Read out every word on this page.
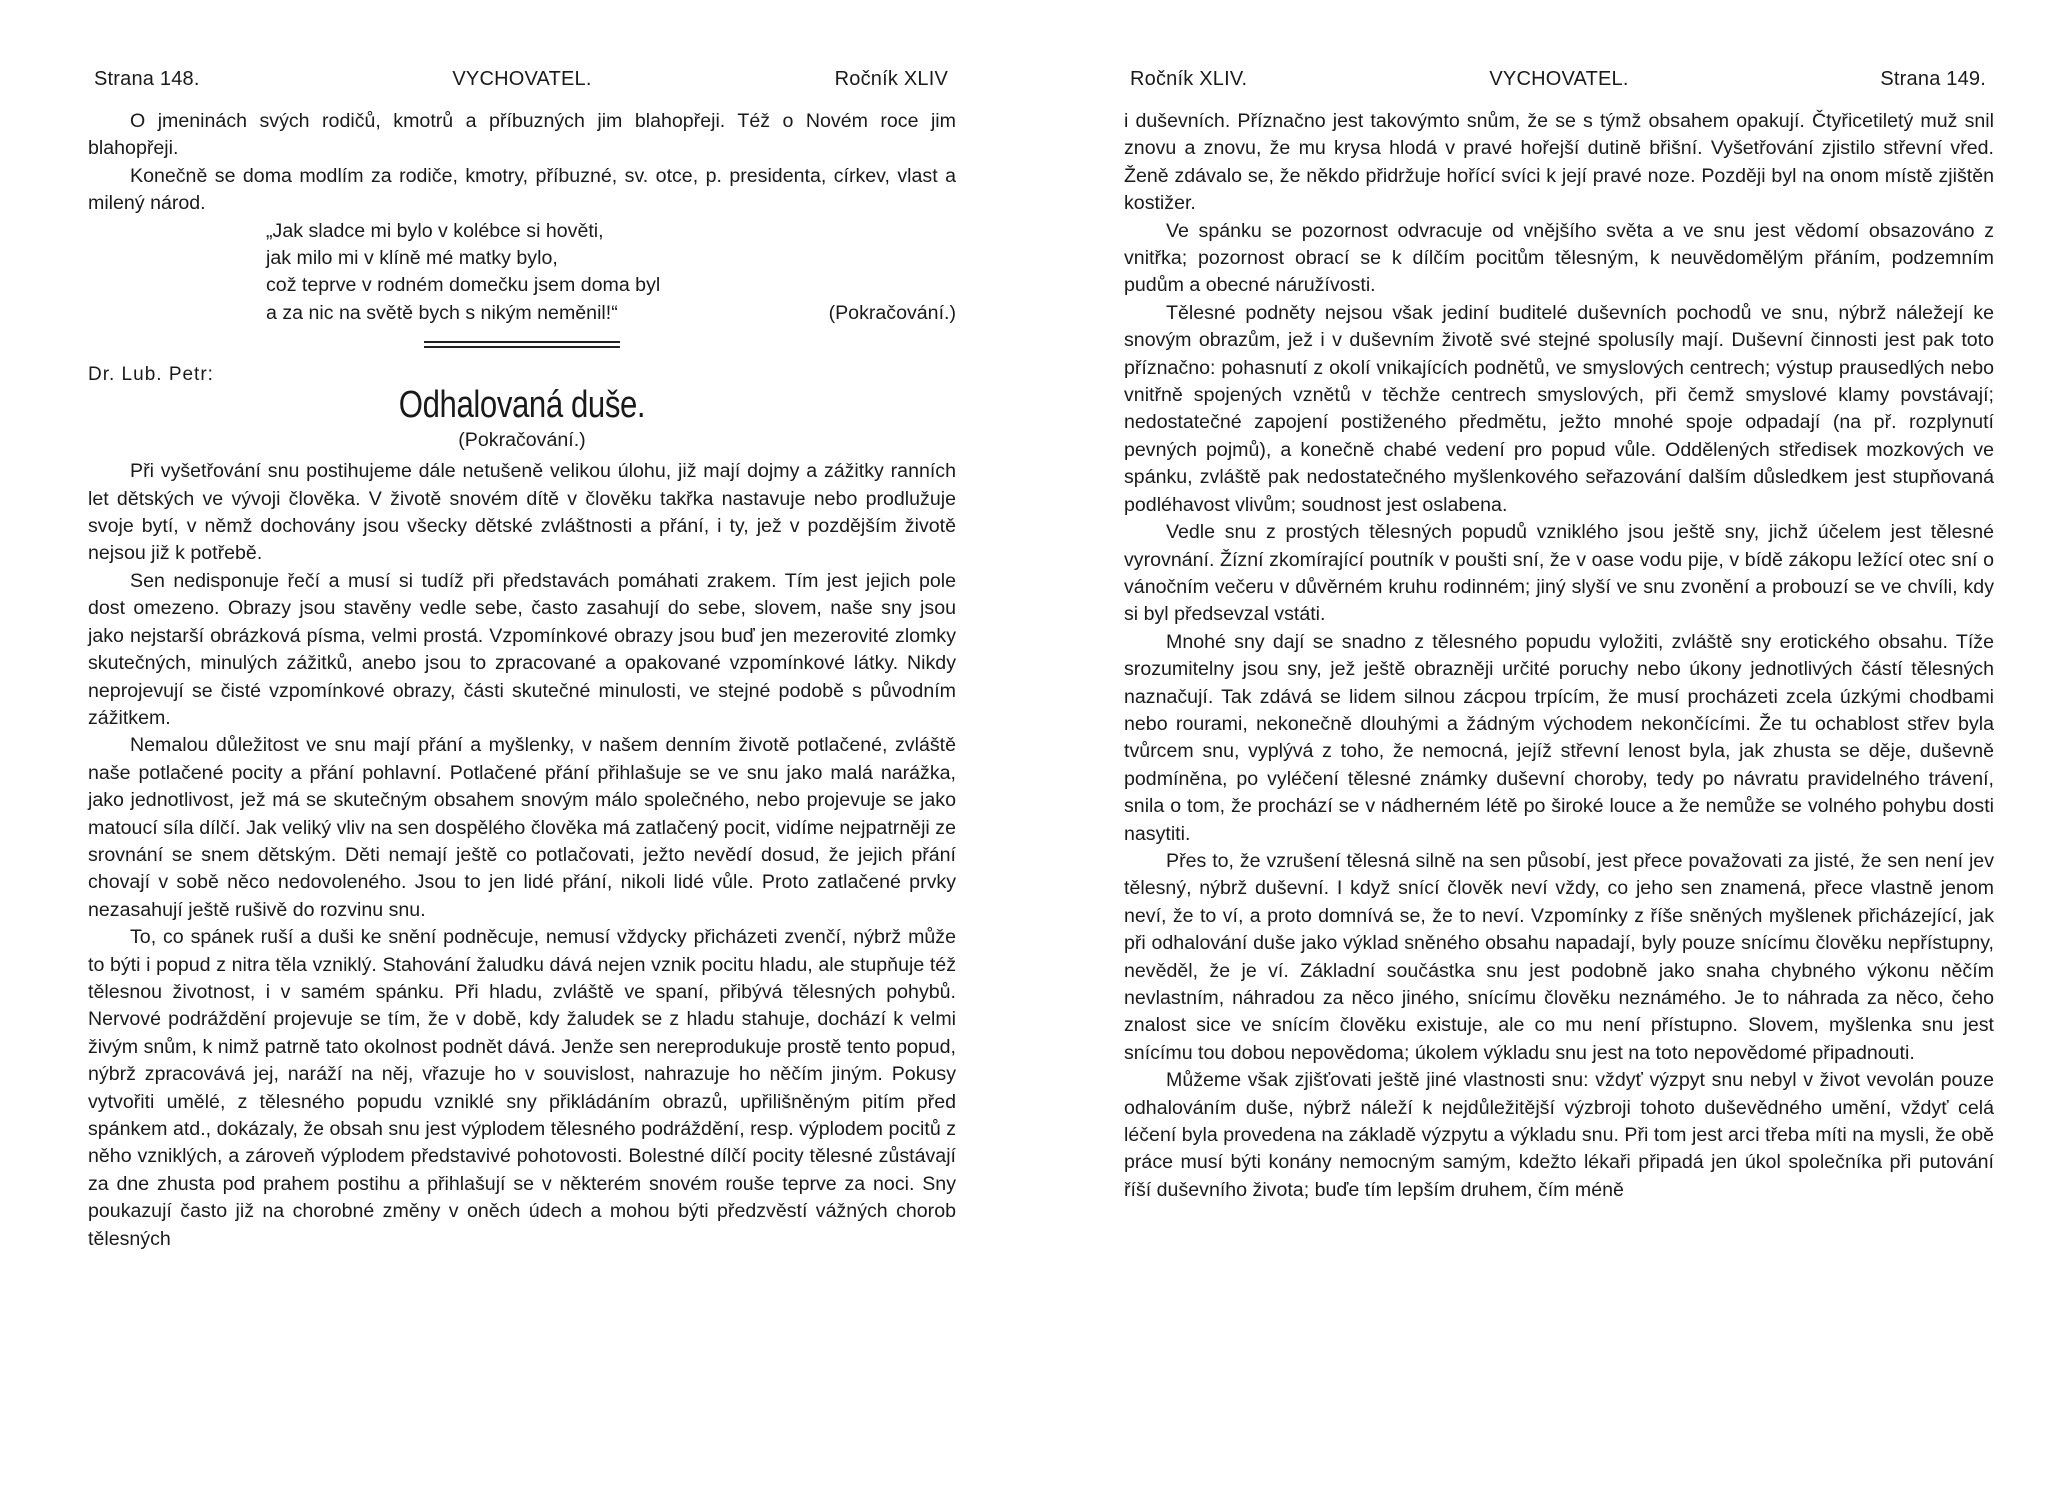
Strana 148.	VYCHOVATEL.	Ročník XLIV

O jmeninách svých rodičů, kmotrů a příbuzných jim blahopřeji. Též o Novém roce jim blahopřeji.

Konečně se doma modlím za rodiče, kmotry, příbuzné, sv. otce, p. presidenta, církev, vlast a milený národ.

„Jak sladce mi bylo v kolébce si hověti,
jak milo mi v klíně mé matky bylo,
což teprve v rodném domečku jsem doma byl
a za nic na světě bych s nikým neměnil!“	(Pokračování.)
Dr. Lub. Petr:
Odhalovaná duše.
(Pokračování.)

Při vyšetřování snu postihujeme dále netušeně velikou úlohu, již mají dojmy a zážitky ranních let dětských ve vývoji člověka. V životě snovém dítě v člověku takřka nastavuje nebo prodlužuje svoje bytí, v němž dochovány jsou všecky dětské zvláštnosti a přání, i ty, jež v pozdějším životě nejsou již k potřebě.

Sen nedisponuje řečí a musí si tudíž při představách pomáhati zrakem. Tím jest jejich pole dost omezeno. Obrazy jsou stavěny vedle sebe, často zasahují do sebe, slovem, naše sny jsou jako nejstarší obrázková písma, velmi prostá. Vzpomínkové obrazy jsou buď jen mezerovité zlomky skutečných, minulých zážitků, anebo jsou to zpracované a opakované vzpomínkové látky. Nikdy neprojevují se čisté vzpomínkové obrazy, části skutečné minulosti, ve stejné podobě s původním zážitkem.

Nemalou důležitost ve snu mají přání a myšlenky, v našem denním životě potlačené, zvláště naše potlačené pocity a přání pohlavní. Potlačené přání přihlašuje se ve snu jako malá narážka, jako jednotlivost, jež má se skutečným obsahem snovým málo společného, nebo projevuje se jako matoucí síla dílčí. Jak veliký vliv na sen dospělého člověka má zatlačený pocit, vidíme nejpatrněji ze srovnání se snem dětským. Děti nemají ještě co potlačovati, ježto nevědí dosud, že jejich přání chovají v sobě něco nedovoleného. Jsou to jen lidé přání, nikoli lidé vůle. Proto zatlačené prvky nezasahují ještě rušivě do rozvinu snu.

To, co spánek ruší a duši ke snění podněcuje, nemusí vždycky přicházeti zvenčí, nýbrž může to býti i popud z nitra těla vzniklý. Stahování žaludku dává nejen vznik pocitu hladu, ale stupňuje též tělesnou životnost, i v samém spánku. Při hladu, zvláště ve spaní, přibývá tělesných pohybů. Nervové podráždění projevuje se tím, že v době, kdy žaludek se z hladu stahuje, dochází k velmi živým snům, k nimž patrně tato okolnost podnět dává. Jenže sen nereprodukuje prostě tento popud, nýbrž zpracovává jej, naráží na něj, vřazuje ho v souvislost, nahrazuje ho něčím jiným. Pokusy vytvořiti umělé, z tělesného popudu vzniklé sny přikládáním obrazů, upřilišněným pitím před spánkem atd., dokázaly, že obsah snu jest výplodem tělesného podráždění, resp. výplodem pocitů z něho vzniklých, a zároveň výplodem představivé pohotovosti. Bolestné dílčí pocity tělesné zůstávají za dne zhusta pod prahem postihu a přihlašují se v některém snovém rouše teprve za noci. Sny poukazují často již na chorobné změny v oněch údech a mohou býti předzvěstí vážných chorob tělesných

Ročník XLIV.	VYCHOVATEL.	Strana 149.

i duševních. Příznačno jest takovýmto snům, že se s týmž obsahem opakují. Čtyřicetiletý muž snil znovu a znovu, že mu krysa hlodá v pravé hořejší dutině břišní. Vyšetřování zjistilo střevní vřed. Ženě zdávalo se, že někdo přidržuje hořící svíci k její pravé noze. Později byl na onom místě zjištěn kostižer.

Ve spánku se pozornost odvracuje od vnějšího světa a ve snu jest vědomí obsazováno z vnitřka; pozornost obrací se k dílčím pocitům tělesným, k neuvědomělým přáním, podzemním pudům a obecné náružívosti.

Tělesné podněty nejsou však jediní buditelé duševních pochodů ve snu, nýbrž náležejí ke snovým obrazům, jež i v duševním životě své stejné spolusíly mají. Duševní činnosti jest pak toto příznačno: pohasnutí z okolí vnikajících podnětů, ve smyslových centrech; výstup prausedlých nebo vnitřně spojených vznětů v těchže centrech smyslových, při čemž smyslové klamy povstávají; nedostatečné zapojení postiženého předmětu, ježto mnohé spoje odpadají (na př. rozplynutí pevných pojmů), a konečně chabé vedení pro popud vůle. Oddělených středisek mozkových ve spánku, zvláště pak nedostatečného myšlenkového seřazování dalším důsledkem jest stupňovaná podléhavost vlivům; soudnost jest oslabena.

Vedle snu z prostých tělesných popudů vzniklého jsou ještě sny, jichž účelem jest tělesné vyrovnání. Žízní zkomírající poutník v poušti sní, že v oase vodu pije, v bídě zákopu ležící otec sní o vánočním večeru v důvěrném kruhu rodinném; jiný slyší ve snu zvonění a probouzí se ve chvíli, kdy si byl předsevzal vstáti.

Mnohé sny dají se snadno z tělesného popudu vyložiti, zvláště sny erotického obsahu. Tíže srozumitelny jsou sny, jež ještě obrazněji určité poruchy nebo úkony jednotlivých částí tělesných naznačují. Tak zdává se lidem silnou zácpou trpícím, že musí procházeti zcela úzkými chodbami nebo rourami, nekonečně dlouhými a žádným východem nekončícími. Že tu ochablost střev byla tvůrcem snu, vyplývá z toho, že nemocná, jejíž střevní lenost byla, jak zhusta se děje, duševně podmíněna, po vyléčení tělesné známky duševní choroby, tedy po návratu pravidelného trávení, snila o tom, že prochází se v nádherném létě po široké louce a že nemůže se volného pohybu dosti nasytiti.

Přes to, že vzrušení tělesná silně na sen působí, jest přece považovati za jisté, že sen není jev tělesný, nýbrž duševní. I když snící člověk neví vždy, co jeho sen znamená, přece vlastně jenom neví, že to ví, a proto domnívá se, že to neví. Vzpomínky z říše sněných myšlenek přicházející, jak při odhalování duše jako výklad sněného obsahu napadají, byly pouze snícímu člověku nepřístupny, nevěděl, že je ví. Základní součástka snu jest podobně jako snaha chybného výkonu něčím nevlastním, náhradou za něco jiného, snícímu člověku neznámého. Je to náhrada za něco, čeho znalost sice ve snícím člověku existuje, ale co mu není přístupno. Slovem, myšlenka snu jest snícímu tou dobou nepovědoma; úkolem výkladu snu jest na toto nepovědomé připadnouti.

Můžeme však zjišťovati ještě jiné vlastnosti snu: vždyť výzpyt snu nebyl v život vevolán pouze odhalováním duše, nýbrž náleží k nejdůležitější výzbroji tohoto duševědného umění, vždyť celá léčení byla provedena na základě výzpytu a výkladu snu. Při tom jest arci třeba míti na mysli, že obě práce musí býti konány nemocným samým, kdežto lékaři připadá jen úkol společníka při putování říší duševního života; buďe tím lepším druhem, čím méně
